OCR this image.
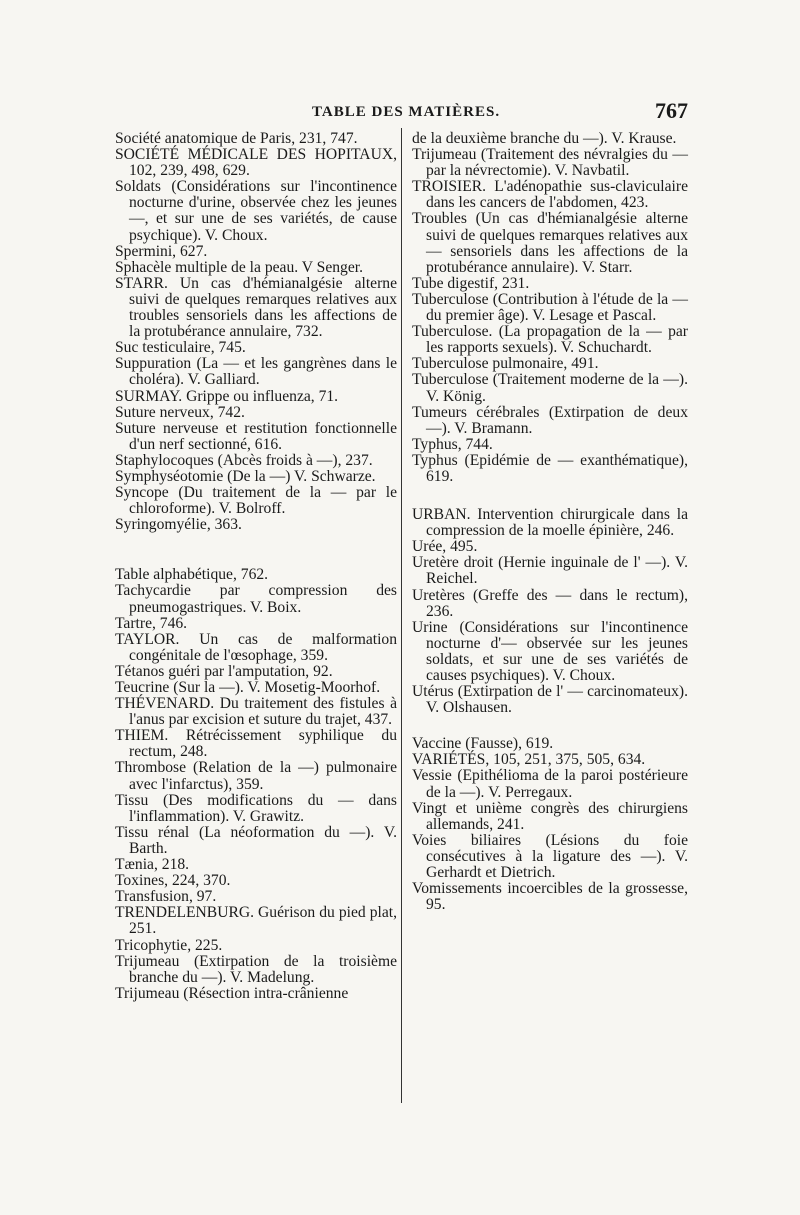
TABLE DES MATIÈRES.	767

Société anatomique de Paris, 231, 747.

SOCIÉTÉ MÉDICALE DES HOPITAUX, 102, 239, 498, 629.

Soldats (Considérations sur l'incontinence nocturne d'urine, observée chez les jeunes —, et sur une de ses variétés, de cause psychique). V. Choux.

Spermini, 627.

Sphacèle multiple de la peau. V Senger.

STARR. Un cas d'hémianalgésie alterne suivi de quelques remarques relatives aux troubles sensoriels dans les affections de la protubérance annulaire, 732.

Suc testiculaire, 745.

Suppuration (La — et les gangrènes dans le choléra). V. Galliard.

SURMAY. Grippe ou influenza, 71.

Suture nerveux, 742.

Suture nerveuse et restitution fonctionnelle d'un nerf sectionné, 616.

Staphylocoques (Abcès froids à —), 237.

Symphyséotomie (De la —) V. Schwarze.

Syncope (Du traitement de la — par le chloroforme). V. Bolroff.

Syringomyélie, 363.

Table alphabétique, 762.

Tachycardie par compression des pneumogastriques. V. Boix.

Tartre, 746.

TAYLOR. Un cas de malformation congénitale de l'œsophage, 359.

Tétanos guéri par l'amputation, 92.

Teucrine (Sur la —). V. Mosetig-Moorhof.

THÉVENARD. Du traitement des fistules à l'anus par excision et suture du trajet, 437.

THIEM. Rétrécissement syphilique du rectum, 248.

Thrombose (Relation de la —) pulmonaire avec l'infarctus), 359.

Tissu (Des modifications du — dans l'inflammation). V. Grawitz.

Tissu rénal (La néoformation du —). V. Barth.

Tænia, 218.

Toxines, 224, 370.

Transfusion, 97.

TRENDELENBURG. Guérison du pied plat, 251.

Tricophytie, 225.

Trijumeau (Extirpation de la troisième branche du —). V. Madelung.

Trijumeau (Résection intra-crânienne

de la deuxième branche du —). V. Krause.

Trijumeau (Traitement des névralgies du — par la névrectomie). V. Navbatil.

TROISIER. L'adénopathie sus-claviculaire dans les cancers de l'abdomen, 423.

Troubles (Un cas d'hémianalgésie alterne suivi de quelques remarques relatives aux — sensoriels dans les affections de la protubérance annulaire). V. Starr.

Tube digestif, 231.

Tuberculose (Contribution à l'étude de la — du premier âge). V. Lesage et Pascal.

Tuberculose. (La propagation de la — par les rapports sexuels). V. Schuchardt.

Tuberculose pulmonaire, 491.

Tuberculose (Traitement moderne de la —). V. König.

Tumeurs cérébrales (Extirpation de deux —). V. Bramann.

Typhus, 744.

Typhus (Epidémie de — exanthématique), 619.

URBAN. Intervention chirurgicale dans la compression de la moelle épinière, 246.

Urée, 495.

Uretère droit (Hernie inguinale de l' —). V. Reichel.

Uretères (Greffe des — dans le rectum), 236.

Urine (Considérations sur l'incontinence nocturne d'— observée sur les jeunes soldats, et sur une de ses variétés de causes psychiques). V. Choux.

Utérus (Extirpation de l' — carcinomateux). V. Olshausen.

Vaccine (Fausse), 619.

VARIÉTÉS, 105, 251, 375, 505, 634.

Vessie (Epithélioma de la paroi postérieure de la —). V. Perregaux.

Vingt et unième congrès des chirurgiens allemands, 241.

Voies biliaires (Lésions du foie consécutives à la ligature des —). V. Gerhardt et Dietrich.

Vomissements incoercibles de la grossesse, 95.
